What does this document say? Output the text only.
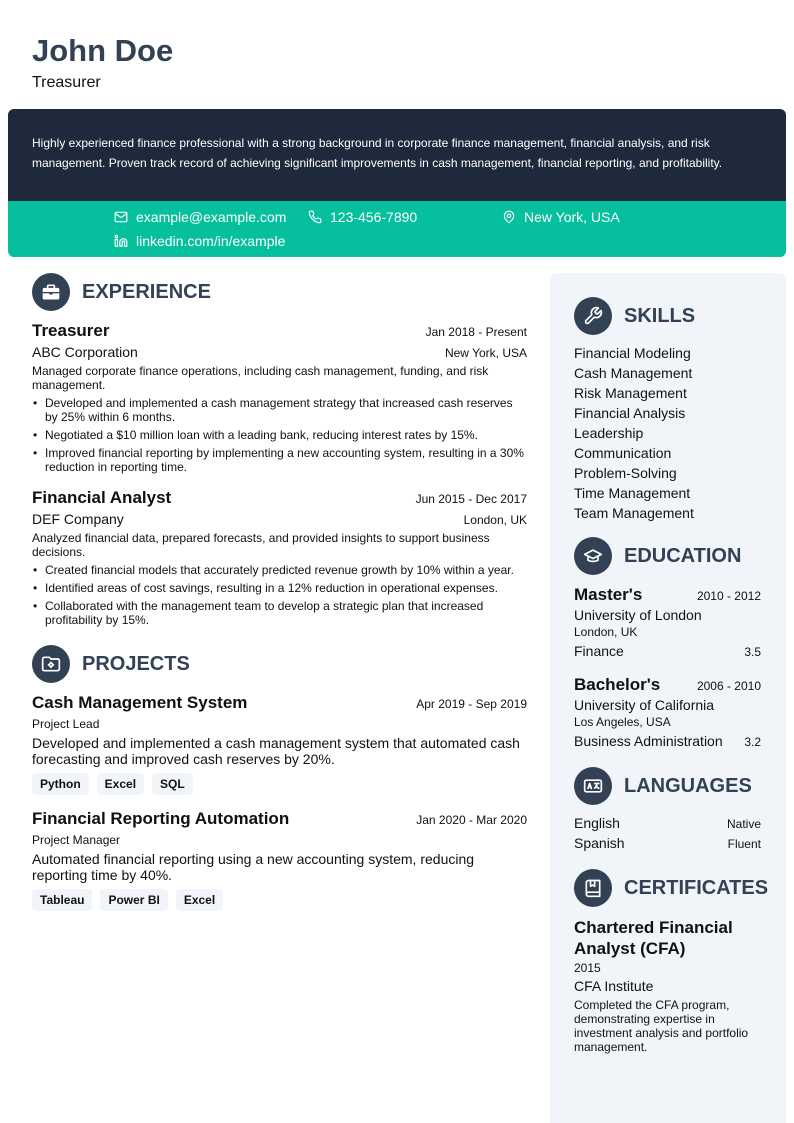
John Doe
Treasurer
Highly experienced finance professional with a strong background in corporate finance management, financial analysis, and risk management. Proven track record of achieving significant improvements in cash management, financial reporting, and profitability.
example@example.com	123-456-7890	New York, USA
linkedin.com/in/example
EXPERIENCE
Treasurer	Jan 2018 - Present
ABC Corporation	New York, USA
Managed corporate finance operations, including cash management, funding, and risk management.
• Developed and implemented a cash management strategy that increased cash reserves by 25% within 6 months.
• Negotiated a $10 million loan with a leading bank, reducing interest rates by 15%.
• Improved financial reporting by implementing a new accounting system, resulting in a 30% reduction in reporting time.
Financial Analyst	Jun 2015 - Dec 2017
DEF Company	London, UK
Analyzed financial data, prepared forecasts, and provided insights to support business decisions.
• Created financial models that accurately predicted revenue growth by 10% within a year.
• Identified areas of cost savings, resulting in a 12% reduction in operational expenses.
• Collaborated with the management team to develop a strategic plan that increased profitability by 15%.
PROJECTS
Cash Management System	Apr 2019 - Sep 2019
Project Lead
Developed and implemented a cash management system that automated cash forecasting and improved cash reserves by 20%.
Python	Excel	SQL
Financial Reporting Automation	Jan 2020 - Mar 2020
Project Manager
Automated financial reporting using a new accounting system, reducing reporting time by 40%.
Tableau	Power BI	Excel
SKILLS
Financial Modeling
Cash Management
Risk Management
Financial Analysis
Leadership
Communication
Problem-Solving
Time Management
Team Management
EDUCATION
Master's	2010 - 2012
University of London
London, UK
Finance	3.5
Bachelor's	2006 - 2010
University of California
Los Angeles, USA
Business Administration 3.2
LANGUAGES
English	Native
Spanish	Fluent
CERTIFICATES
Chartered Financial Analyst (CFA)
2015
CFA Institute
Completed the CFA program, demonstrating expertise in investment analysis and portfolio management.
